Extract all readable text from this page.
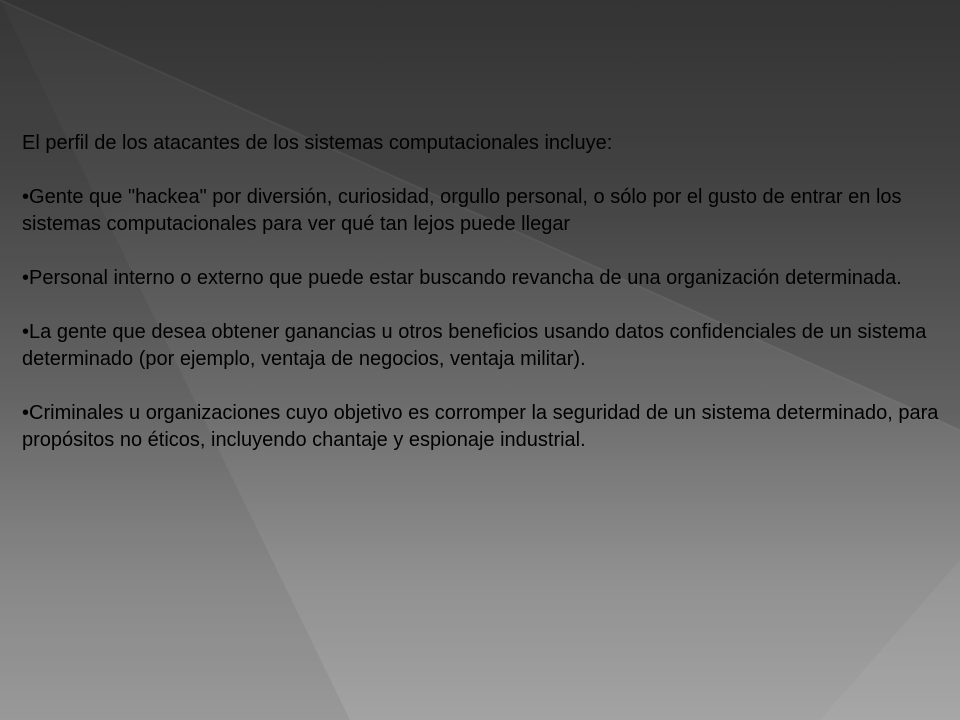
El perfil de los atacantes de los sistemas computacionales incluye:

•Gente que "hackea" por diversión, curiosidad, orgullo personal, o sólo por el gusto de entrar en los sistemas computacionales para ver qué tan lejos puede llegar

•Personal interno o externo que puede estar buscando revancha de una organización determinada.

•La gente que desea obtener ganancias u otros beneficios usando datos confidenciales de un sistema determinado (por ejemplo, ventaja de negocios, ventaja militar).

•Criminales u organizaciones cuyo objetivo es corromper la seguridad de un sistema determinado, para propósitos no éticos, incluyendo chantaje y espionaje industrial.
